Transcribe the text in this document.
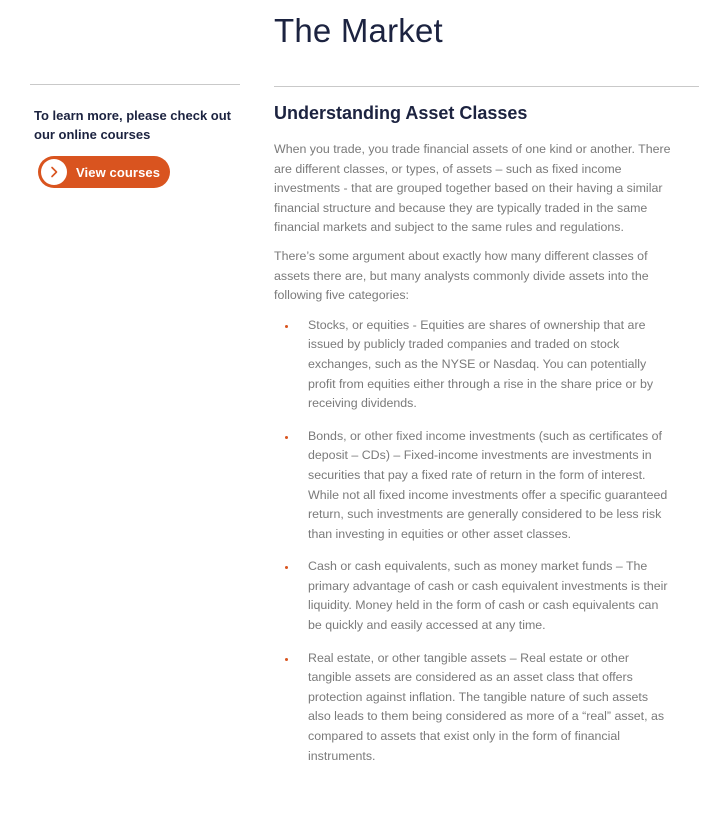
The Market

To learn more, please check out our online courses

View courses
Understanding Asset Classes

When you trade, you trade financial assets of one kind or another. There are different classes, or types, of assets – such as fixed income investments - that are grouped together based on their having a similar financial structure and because they are typically traded in the same financial markets and subject to the same rules and regulations.

There’s some argument about exactly how many different classes of assets there are, but many analysts commonly divide assets into the following five categories:

Stocks, or equities - Equities are shares of ownership that are issued by publicly traded companies and traded on stock exchanges, such as the NYSE or Nasdaq. You can potentially profit from equities either through a rise in the share price or by receiving dividends.
Bonds, or other fixed income investments (such as certificates of deposit – CDs) – Fixed-income investments are investments in securities that pay a fixed rate of return in the form of interest. While not all fixed income investments offer a specific guaranteed return, such investments are generally considered to be less risk than investing in equities or other asset classes.
Cash or cash equivalents, such as money market funds – The primary advantage of cash or cash equivalent investments is their liquidity. Money held in the form of cash or cash equivalents can be quickly and easily accessed at any time.
Real estate, or other tangible assets – Real estate or other tangible assets are considered as an asset class that offers protection against inflation. The tangible nature of such assets also leads to them being considered as more of a “real” asset, as compared to assets that exist only in the form of financial instruments.
